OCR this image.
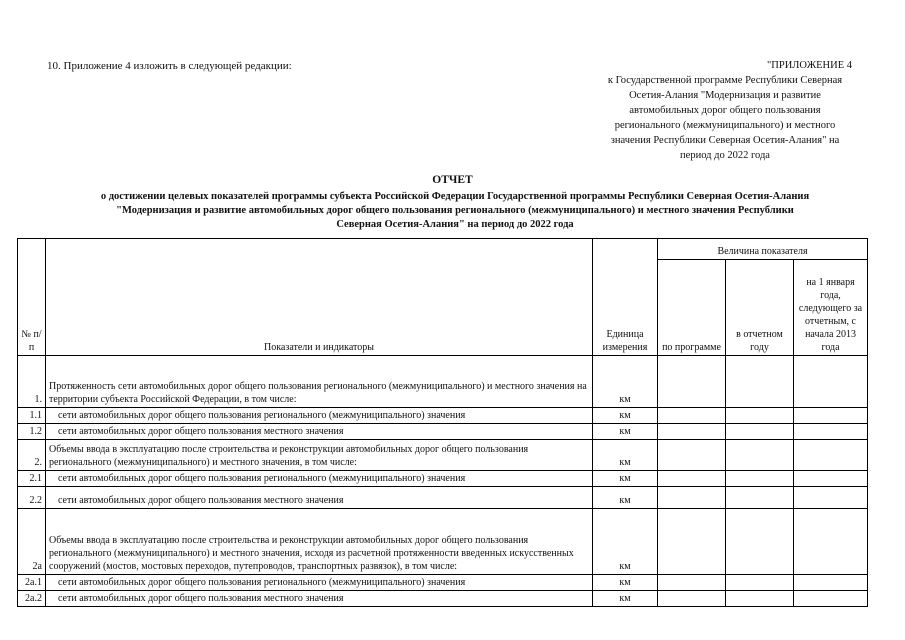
10. Приложение 4 изложить в следующей редакции:	"ПРИЛОЖЕНИЕ 4
к Государственной программе Республики Северная
Осетия-Алания "Модернизация и развитие
автомобильных дорог общего пользования
регионального (межмуниципального) и местного
значения Республики Северная Осетия-Алания" на
период до 2022 года
ОТЧЕТ
о достижении целевых показателей программы субъекта Российской Федерации Государственной программы Республики Северная Осетия-Алания
"Модернизация и развитие автомобильных дорог общего пользования регионального (межмуниципального) и местного значения Республики
Северная Осетия-Алания" на период до 2022 года
№ п/п	Показатели и индикаторы	Единица измерения	Величина показателя		
			по программе	в отчетном году	на 1 января года, следующего за отчетным, с начала 2013 года
1.	Протяженность сети автомобильных дорог общего пользования регионального (межмуниципального) и местного значения на территории субъекта Российской Федерации, в том числе:	км			
1.1	сети автомобильных дорог общего пользования регионального (межмуниципального) значения	км			
1.2	сети автомобильных дорог общего пользования местного значения	км			
2.	Объемы ввода в эксплуатацию после строительства и реконструкции автомобильных дорог общего пользования регионального (межмуниципального) и местного значения, в том числе:	км			
2.1	сети автомобильных дорог общего пользования регионального (межмуниципального) значения	км			
2.2	сети автомобильных дорог общего пользования местного значения	км			
2а	Объемы ввода в эксплуатацию после строительства и реконструкции автомобильных дорог общего пользования регионального (межмуниципального) и местного значения, исходя из расчетной протяженности введенных искусственных сооружений (мостов, мостовых переходов, путепроводов, транспортных развязок), в том числе:	км			
2а.1	сети автомобильных дорог общего пользования регионального (межмуниципального) значения	км			
2а.2	сети автомобильных дорог общего пользования местного значения	км			
